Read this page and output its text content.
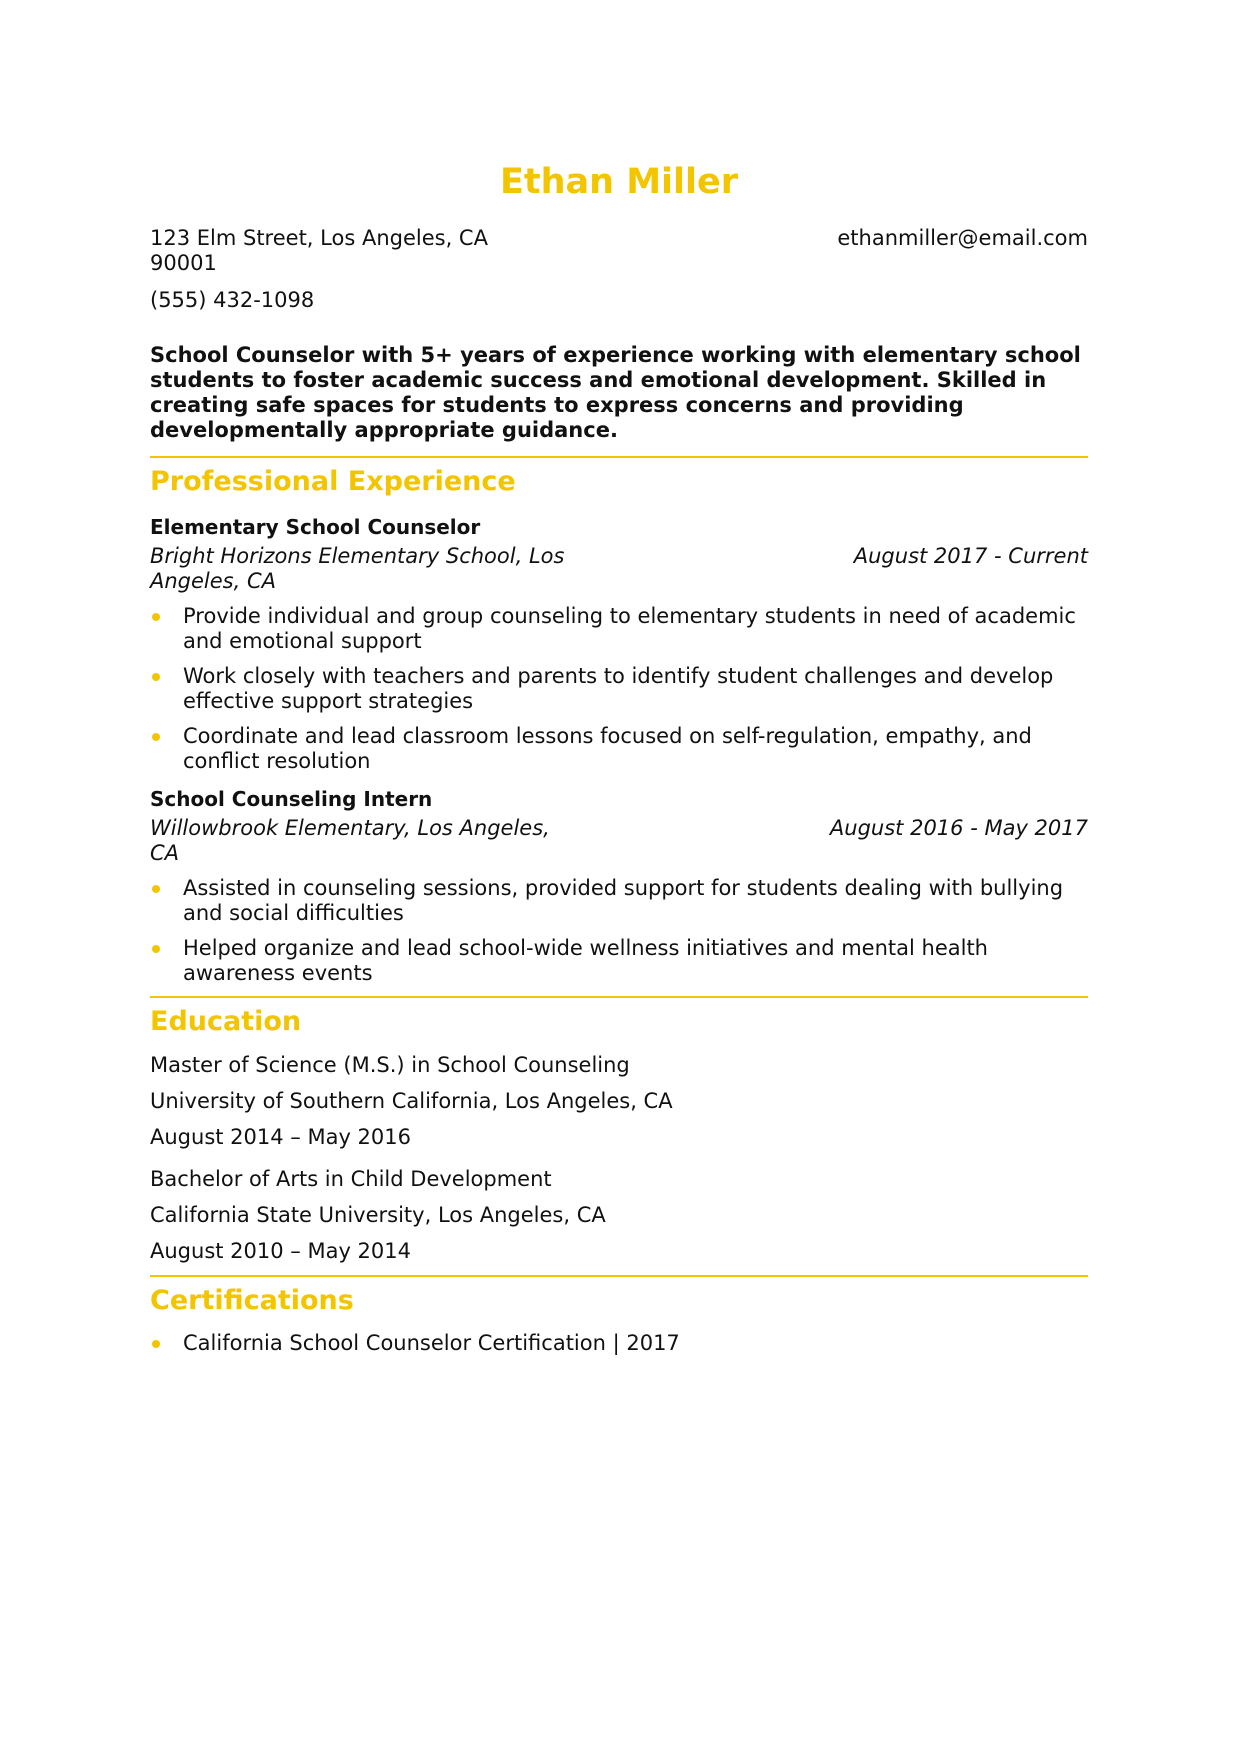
Ethan Miller
123 Elm Street, Los Angeles, CA 90001
ethanmiller@email.com
(555) 432-1098
School Counselor with 5+ years of experience working with elementary school students to foster academic success and emotional development. Skilled in creating safe spaces for students to express concerns and providing developmentally appropriate guidance.
Professional Experience
Elementary School Counselor
Bright Horizons Elementary School, Los Angeles, CA
August 2017 - Current
Provide individual and group counseling to elementary students in need of academic and emotional support
Work closely with teachers and parents to identify student challenges and develop effective support strategies
Coordinate and lead classroom lessons focused on self-regulation, empathy, and conflict resolution
School Counseling Intern
Willowbrook Elementary, Los Angeles, CA
August 2016 - May 2017
Assisted in counseling sessions, provided support for students dealing with bullying and social difficulties
Helped organize and lead school-wide wellness initiatives and mental health awareness events
Education
Master of Science (M.S.) in School Counseling
University of Southern California, Los Angeles, CA
August 2014 – May 2016
Bachelor of Arts in Child Development
California State University, Los Angeles, CA
August 2010 – May 2014
Certifications
California School Counselor Certification | 2017
